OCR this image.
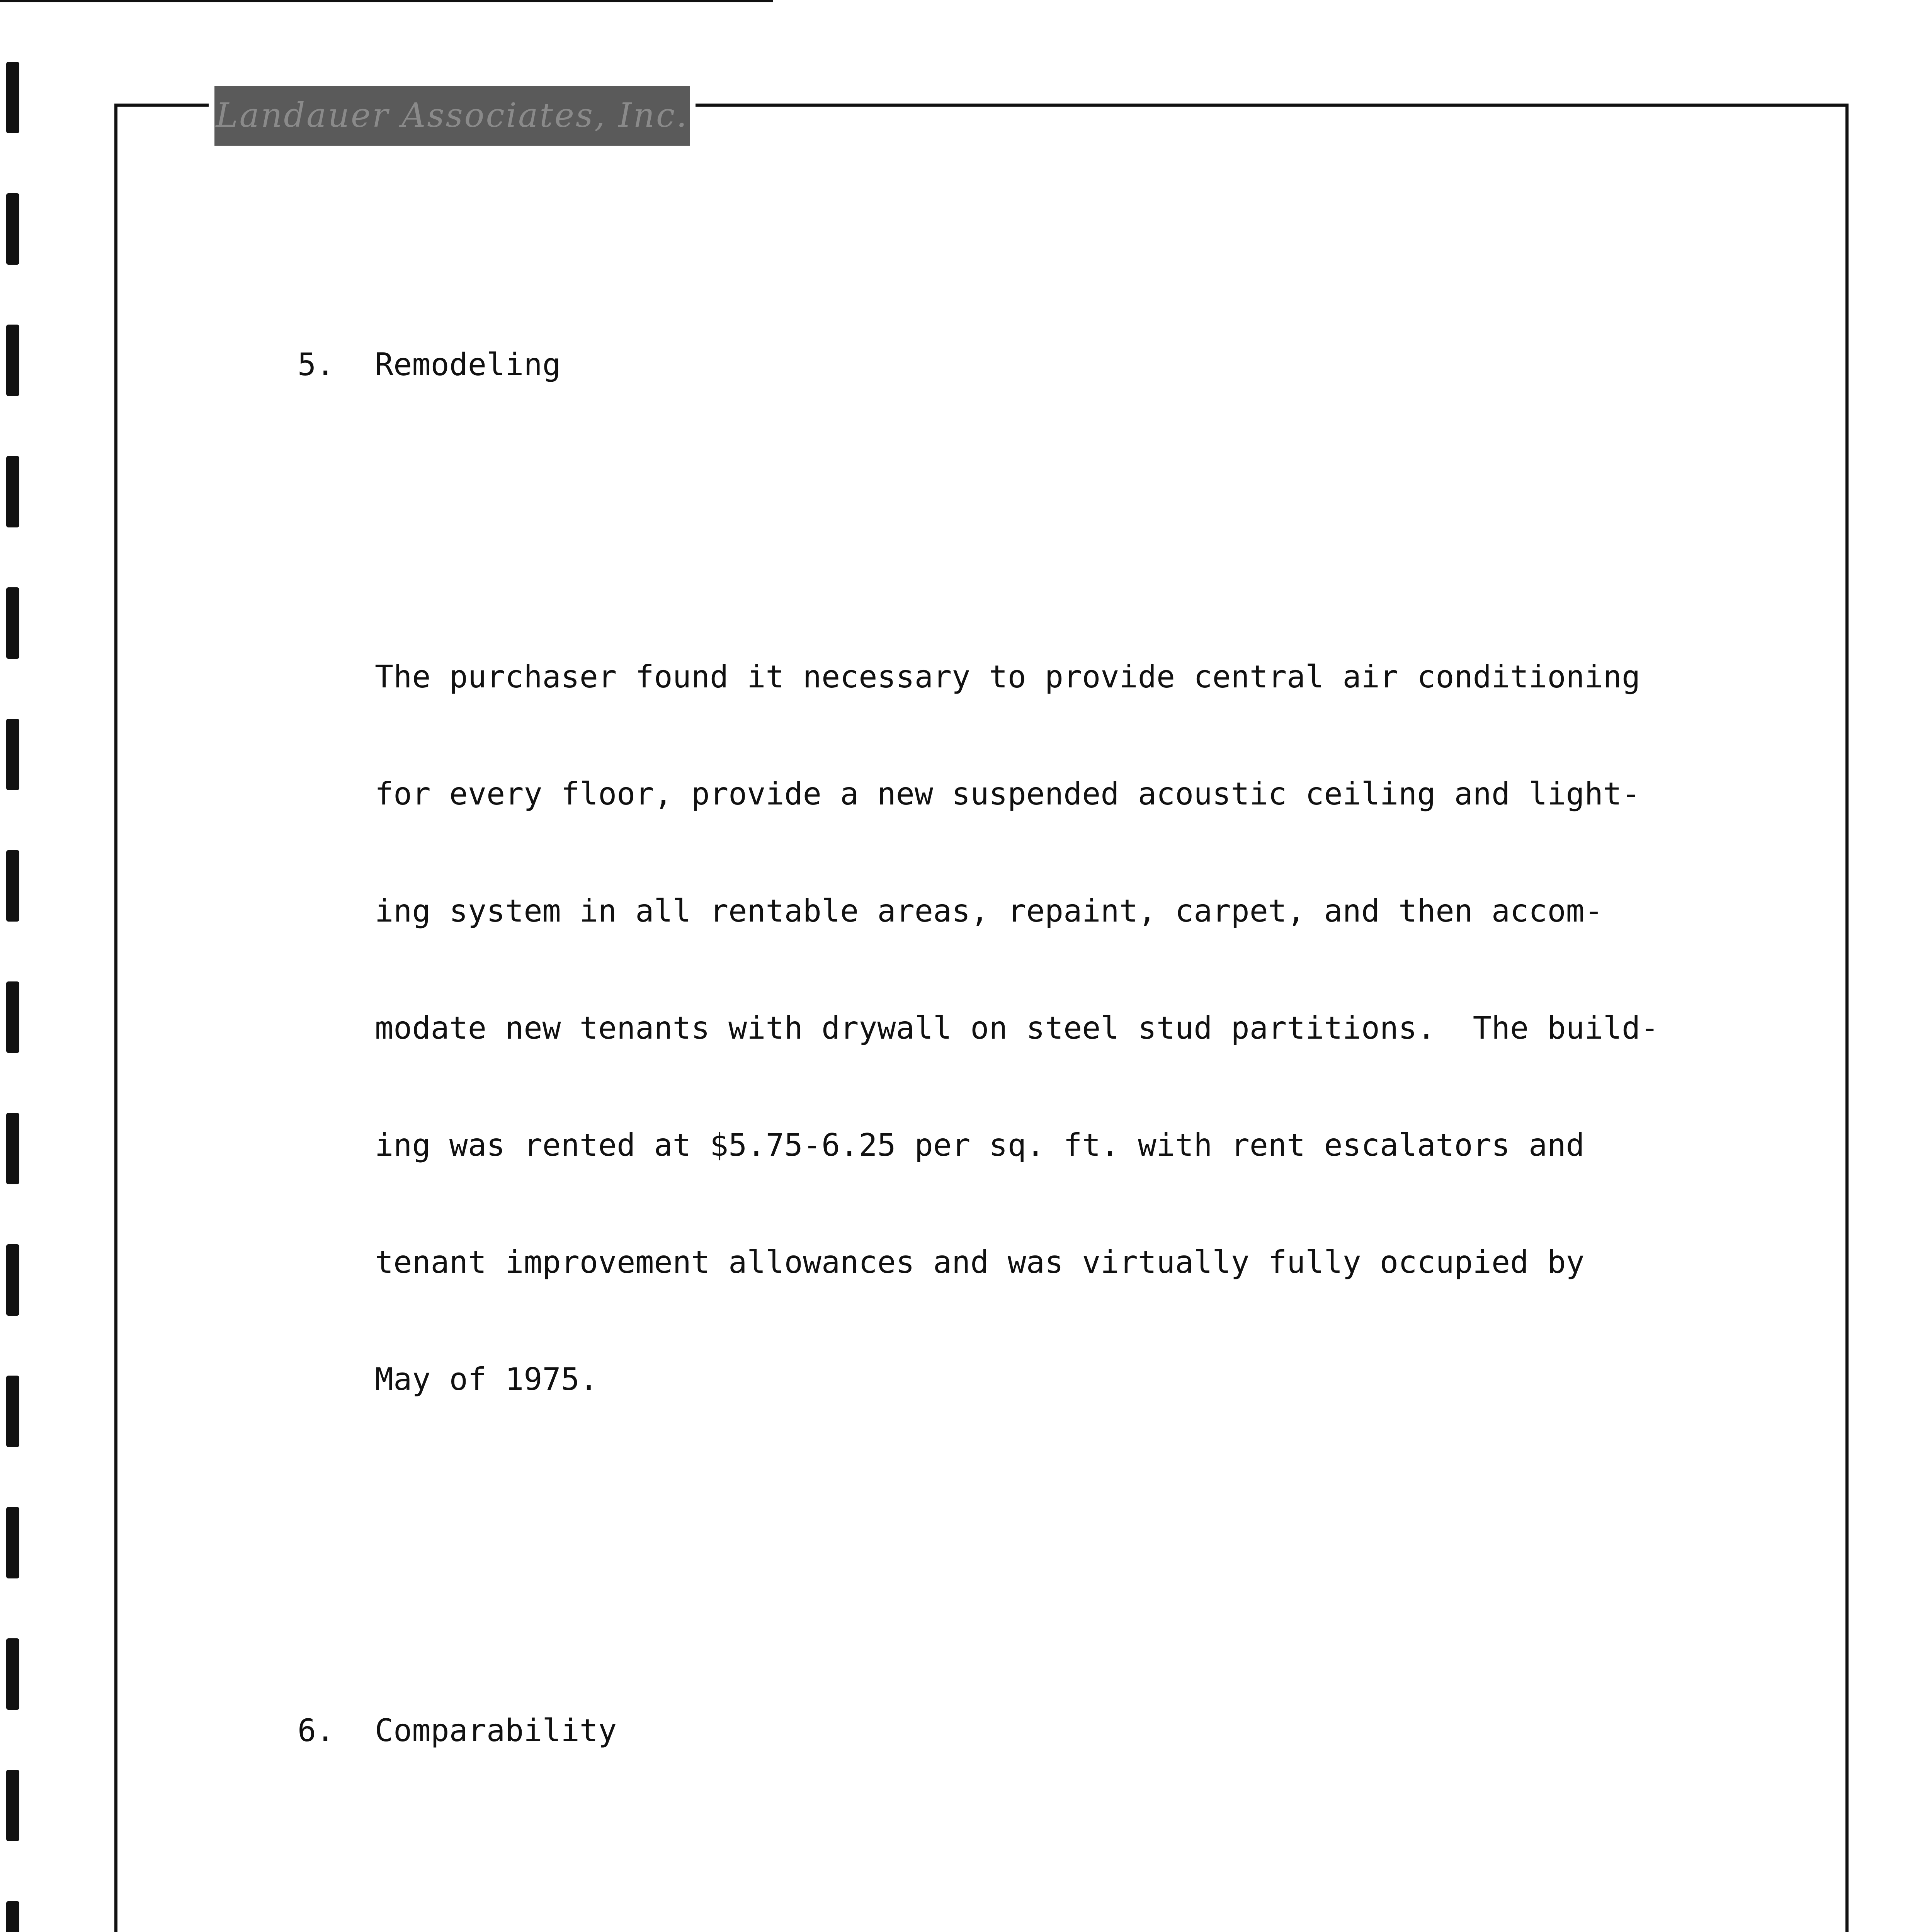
Landauer Associates, Inc.

5. Remodeling

The purchaser found it necessary to provide central air conditioning

for every floor, provide a new suspended acoustic ceiling and light-

ing system in all rentable areas, repaint, carpet, and then accom-

modate new tenants with drywall on steel stud partitions.  The build-

ing was rented at $5.75-6.25 per sq. ft. with rent escalators and

tenant improvement allowances and was virtually fully occupied by

May of 1975.

6. Comparability
